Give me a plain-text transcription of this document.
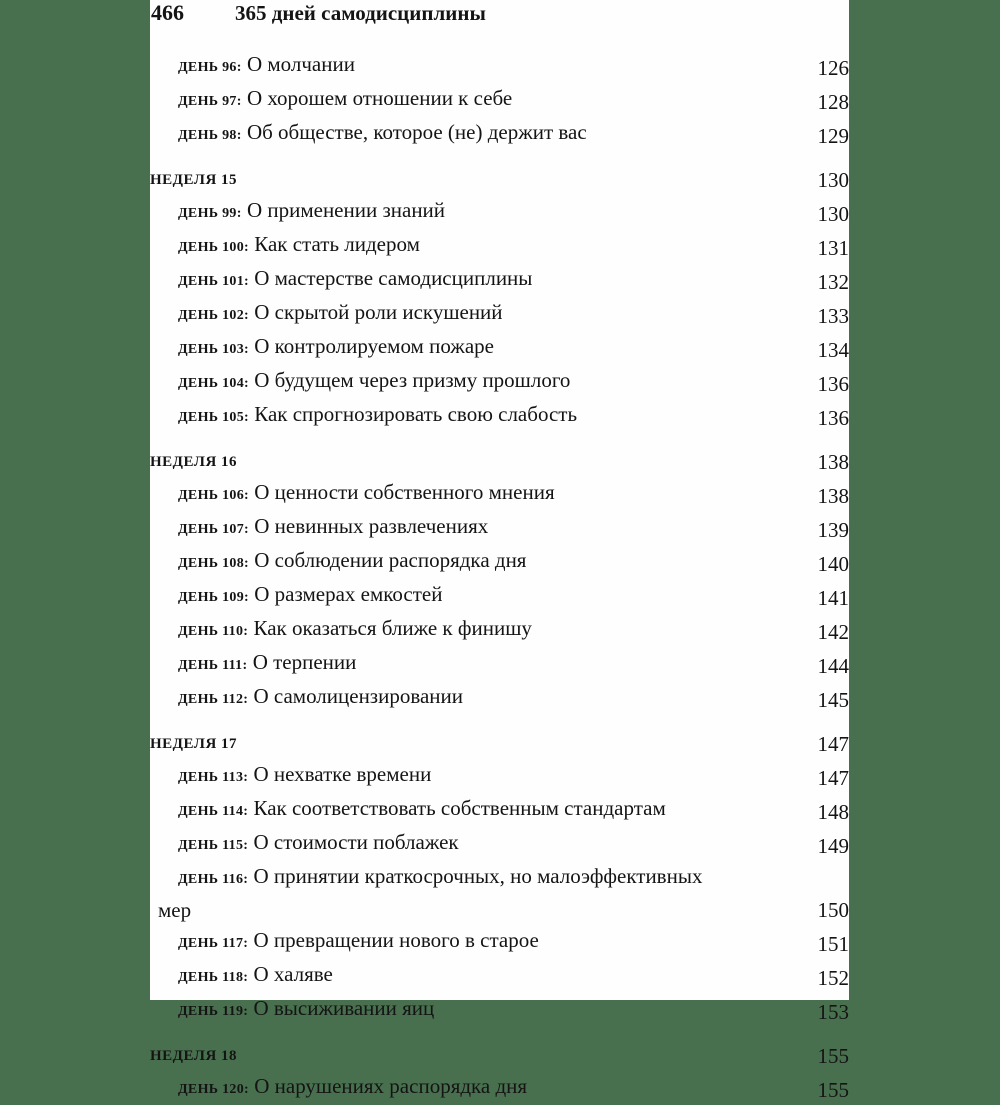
466 365 дней самодисциплины
ДЕНЬ 96: О молчании	126
ДЕНЬ 97: О хорошем отношении к себе	128
ДЕНЬ 98: Об обществе, которое (не) держит вас	129
НЕДЕЛЯ 15	130
ДЕНЬ 99: О применении знаний	130
ДЕНЬ 100: Как стать лидером	131
ДЕНЬ 101: О мастерстве самодисциплины	132
ДЕНЬ 102: О скрытой роли искушений	133
ДЕНЬ 103: О контролируемом пожаре	134
ДЕНЬ 104: О будущем через призму прошлого	136
ДЕНЬ 105: Как спрогнозировать свою слабость	136
НЕДЕЛЯ 16	138
ДЕНЬ 106: О ценности собственного мнения	138
ДЕНЬ 107: О невинных развлечениях	139
ДЕНЬ 108: О соблюдении распорядка дня	140
ДЕНЬ 109: О размерах емкостей	141
ДЕНЬ 110: Как оказаться ближе к финишу	142
ДЕНЬ 111: О терпении	144
ДЕНЬ 112: О самолицензировании	145
НЕДЕЛЯ 17	147
ДЕНЬ 113: О нехватке времени	147
ДЕНЬ 114: Как соответствовать собственным стандартам	148
ДЕНЬ 115: О стоимости поблажек	149
ДЕНЬ 116: О принятии краткосрочных, но малоэффективных
мер	150
ДЕНЬ 117: О превращении нового в старое	151
ДЕНЬ 118: О халяве	152
ДЕНЬ 119: О высиживании яиц	153
НЕДЕЛЯ 18	155
ДЕНЬ 120: О нарушениях распорядка дня	155
